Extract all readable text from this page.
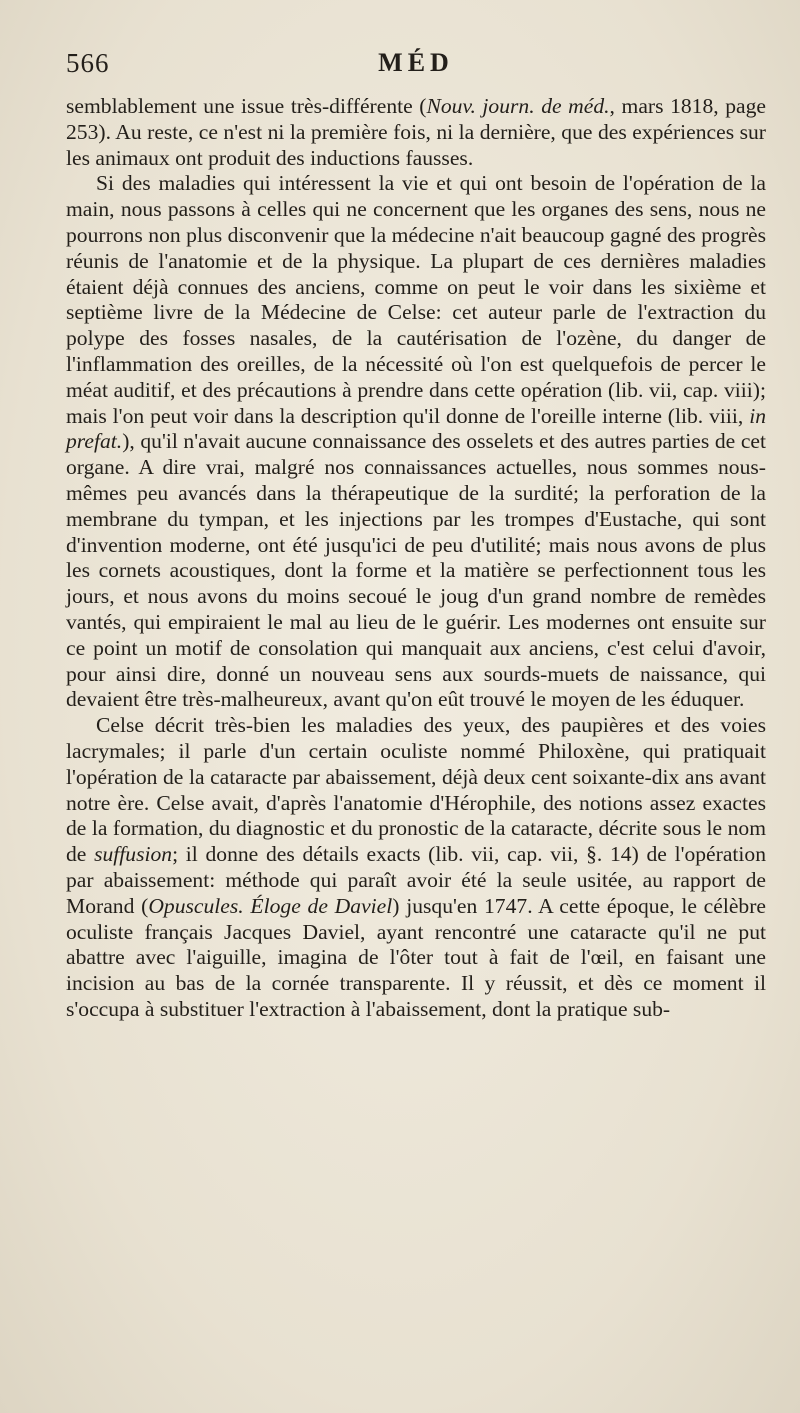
566	MÉD

semblablement une issue très-différente (Nouv. journ. de méd., mars 1818, page 253). Au reste, ce n'est ni la première fois, ni la dernière, que des expériences sur les animaux ont produit des inductions fausses.

Si des maladies qui intéressent la vie et qui ont besoin de l'opération de la main, nous passons à celles qui ne concernent que les organes des sens, nous ne pourrons non plus disconvenir que la médecine n'ait beaucoup gagné des progrès réunis de l'anatomie et de la physique. La plupart de ces dernières maladies étaient déjà connues des anciens, comme on peut le voir dans les sixième et septième livre de la Médecine de Celse: cet auteur parle de l'extraction du polype des fosses nasales, de la cautérisation de l'ozène, du danger de l'inflammation des oreilles, de la nécessité où l'on est quelquefois de percer le méat auditif, et des précautions à prendre dans cette opération (lib. vii, cap. viii); mais l'on peut voir dans la description qu'il donne de l'oreille interne (lib. viii, in prefat.), qu'il n'avait aucune connaissance des osselets et des autres parties de cet organe. A dire vrai, malgré nos connaissances actuelles, nous sommes nous-mêmes peu avancés dans la thérapeutique de la surdité; la perforation de la membrane du tympan, et les injections par les trompes d'Eustache, qui sont d'invention moderne, ont été jusqu'ici de peu d'utilité; mais nous avons de plus les cornets acoustiques, dont la forme et la matière se perfectionnent tous les jours, et nous avons du moins secoué le joug d'un grand nombre de remèdes vantés, qui empiraient le mal au lieu de le guérir. Les modernes ont ensuite sur ce point un motif de consolation qui manquait aux anciens, c'est celui d'avoir, pour ainsi dire, donné un nouveau sens aux sourds-muets de naissance, qui devaient être très-malheureux, avant qu'on eût trouvé le moyen de les éduquer.

Celse décrit très-bien les maladies des yeux, des paupières et des voies lacrymales; il parle d'un certain oculiste nommé Philoxène, qui pratiquait l'opération de la cataracte par abaissement, déjà deux cent soixante-dix ans avant notre ère. Celse avait, d'après l'anatomie d'Hérophile, des notions assez exactes de la formation, du diagnostic et du pronostic de la cataracte, décrite sous le nom de suffusion; il donne des détails exacts (lib. vii, cap. vii, §. 14) de l'opération par abaissement: méthode qui paraît avoir été la seule usitée, au rapport de Morand (Opuscules. Éloge de Daviel) jusqu'en 1747. A cette époque, le célèbre oculiste français Jacques Daviel, ayant rencontré une cataracte qu'il ne put abattre avec l'aiguille, imagina de l'ôter tout à fait de l'œil, en faisant une incision au bas de la cornée transparente. Il y réussit, et dès ce moment il s'occupa à substituer l'extraction à l'abaissement, dont la pratique sub-
